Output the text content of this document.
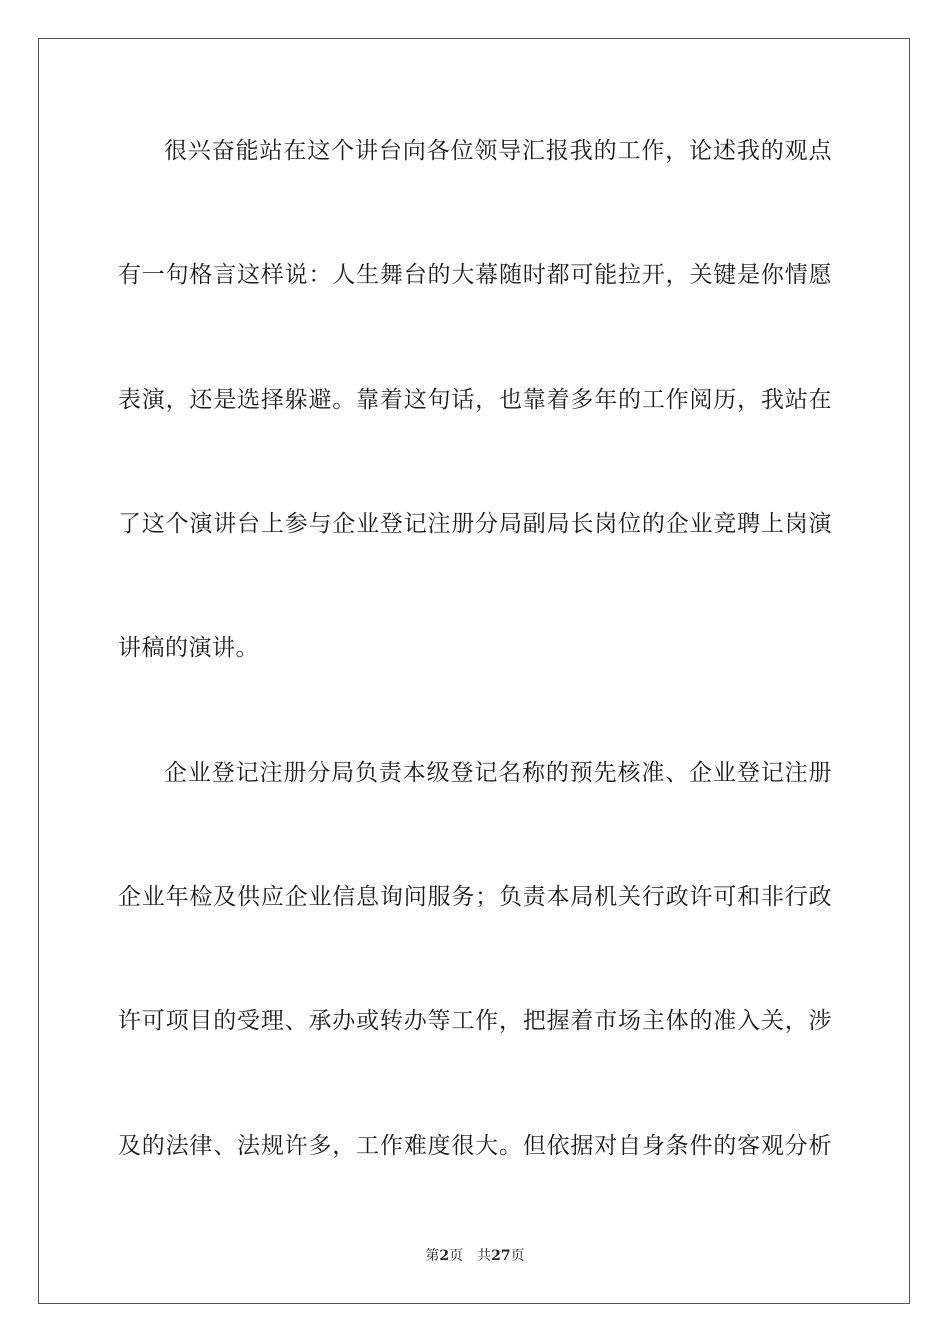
很兴奋能站在这个讲台向各位领导汇报我的工作，论述我的观点
有一句格言这样说：人生舞台的大幕随时都可能拉开，关键是你情愿
表演，还是选择躲避。靠着这句话，也靠着多年的工作阅历，我站在
了这个演讲台上参与企业登记注册分局副局长岗位的企业竞聘上岗演
讲稿的演讲。
企业登记注册分局负责本级登记名称的预先核准、企业登记注册
企业年检及供应企业信息询问服务；负责本局机关行政许可和非行政
许可项目的受理、承办或转办等工作，把握着市场主体的准入关，涉
及的法律、法规许多，工作难度很大。但依据对自身条件的客观分析
第2页 共27页
